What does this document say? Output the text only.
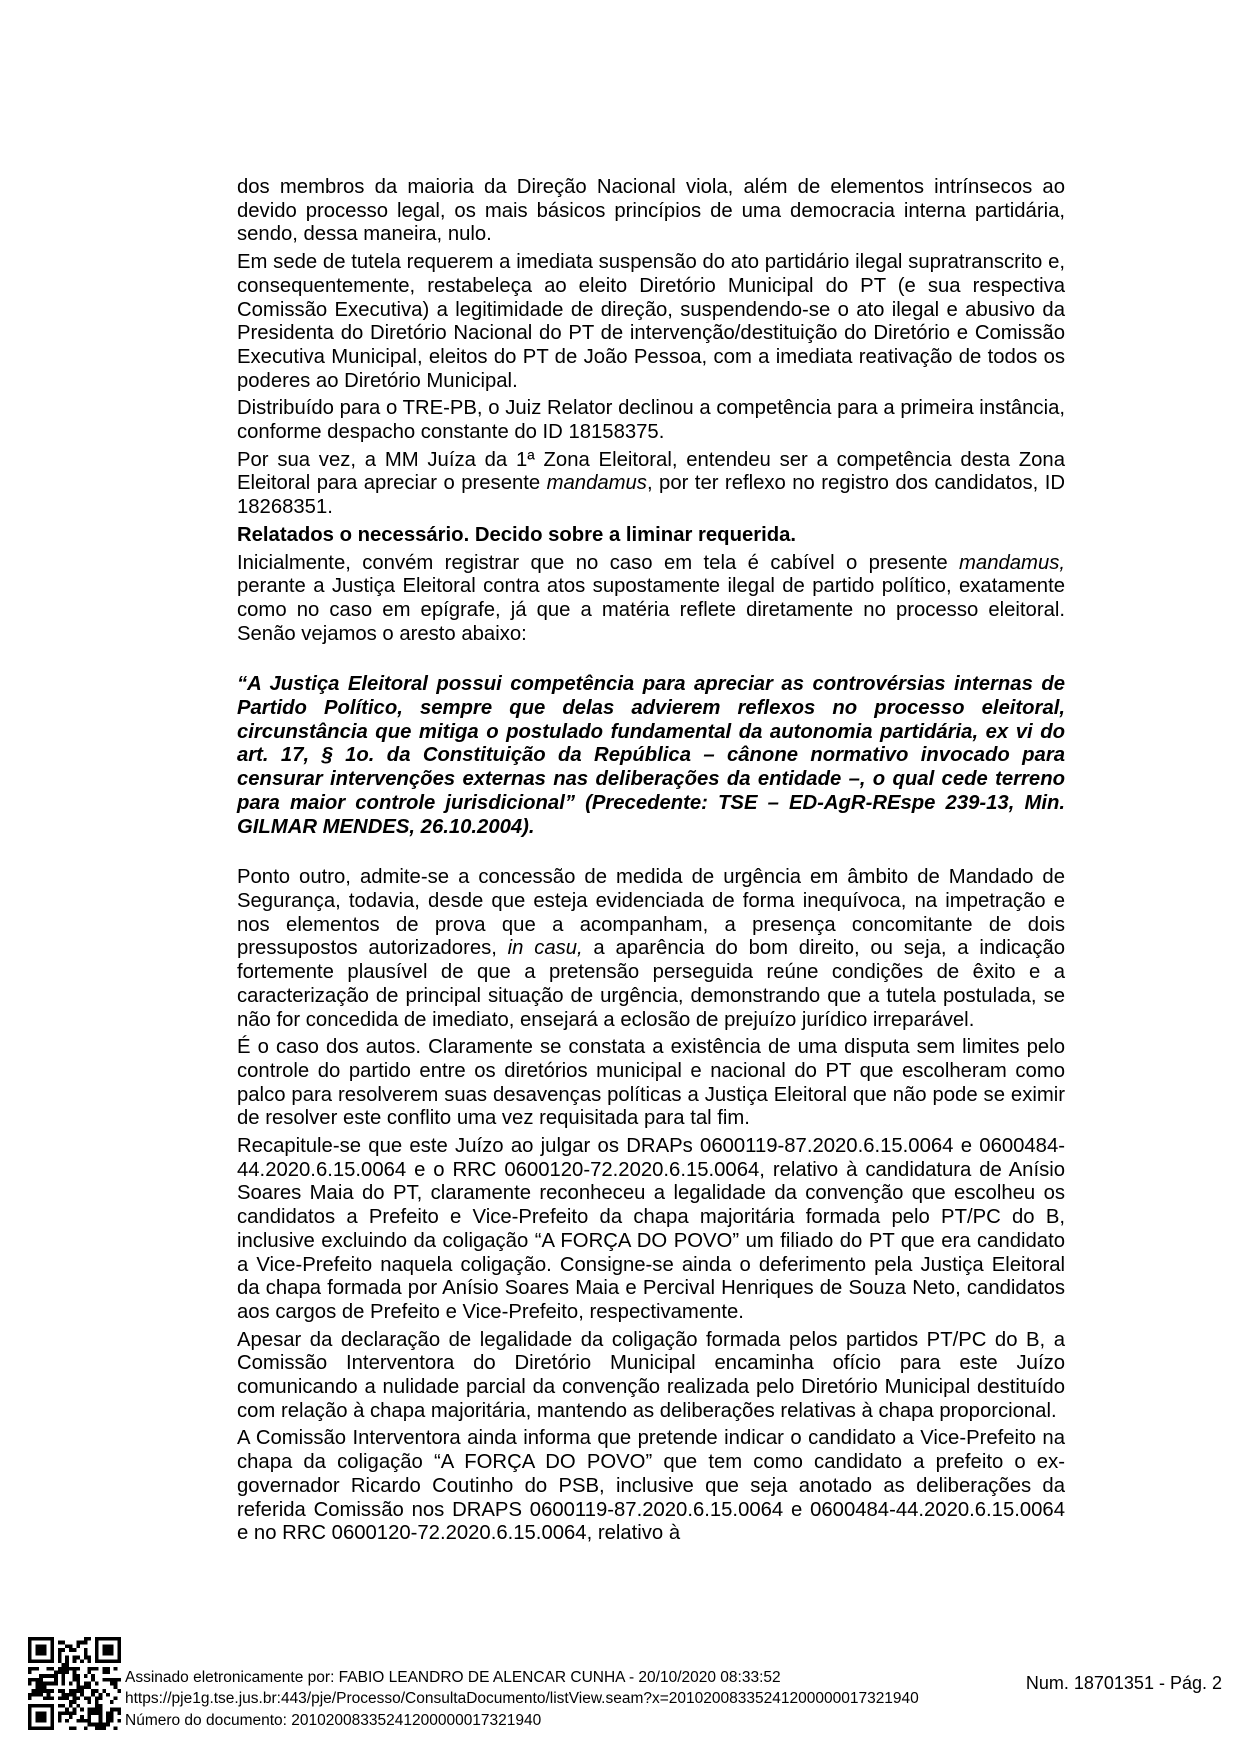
dos membros da maioria da Direção Nacional viola, além de elementos intrínsecos ao devido processo legal, os mais básicos princípios de uma democracia interna partidária, sendo, dessa maneira, nulo.

Em sede de tutela requerem a imediata suspensão do ato partidário ilegal supratranscrito e, consequentemente, restabeleça ao eleito Diretório Municipal do PT (e sua respectiva Comissão Executiva) a legitimidade de direção, suspendendo-se o ato ilegal e abusivo da Presidenta do Diretório Nacional do PT de intervenção/destituição do Diretório e Comissão Executiva Municipal, eleitos do PT de João Pessoa, com a imediata reativação de todos os poderes ao Diretório Municipal.

Distribuído para o TRE-PB, o Juiz Relator declinou a competência para a primeira instância, conforme despacho constante do ID 18158375.

Por sua vez, a MM Juíza da 1ª Zona Eleitoral, entendeu ser a competência desta Zona Eleitoral para apreciar o presente mandamus, por ter reflexo no registro dos candidatos, ID 18268351.

Relatados o necessário. Decido sobre a liminar requerida.

Inicialmente, convém registrar que no caso em tela é cabível o presente mandamus, perante a Justiça Eleitoral contra atos supostamente ilegal de partido político, exatamente como no caso em epígrafe, já que a matéria reflete diretamente no processo eleitoral. Senão vejamos o aresto abaixo:

“A Justiça Eleitoral possui competência para apreciar as controvérsias internas de Partido Político, sempre que delas advierem reflexos no processo eleitoral, circunstância que mitiga o postulado fundamental da autonomia partidária, ex vi do art. 17, § 1o. da Constituição da República – cânone normativo invocado para censurar intervenções externas nas deliberações da entidade –, o qual cede terreno para maior controle jurisdicional” (Precedente: TSE – ED-AgR-REspe 239-13, Min. GILMAR MENDES, 26.10.2004).

Ponto outro, admite-se a concessão de medida de urgência em âmbito de Mandado de Segurança, todavia, desde que esteja evidenciada de forma inequívoca, na impetração e nos elementos de prova que a acompanham, a presença concomitante de dois pressupostos autorizadores, in casu, a aparência do bom direito, ou seja, a indicação fortemente plausível de que a pretensão perseguida reúne condições de êxito e a caracterização de principal situação de urgência, demonstrando que a tutela postulada, se não for concedida de imediato, ensejará a eclosão de prejuízo jurídico irreparável.

É o caso dos autos. Claramente se constata a existência de uma disputa sem limites pelo controle do partido entre os diretórios municipal e nacional do PT que escolheram como palco para resolverem suas desavenças políticas a Justiça Eleitoral que não pode se eximir de resolver este conflito uma vez requisitada para tal fim.

Recapitule-se que este Juízo ao julgar os DRAPs 0600119-87.2020.6.15.0064 e 0600484-44.2020.6.15.0064 e o RRC 0600120-72.2020.6.15.0064, relativo à candidatura de Anísio Soares Maia do PT, claramente reconheceu a legalidade da convenção que escolheu os candidatos a Prefeito e Vice-Prefeito da chapa majoritária formada pelo PT/PC do B, inclusive excluindo da coligação “A FORÇA DO POVO” um filiado do PT que era candidato a Vice-Prefeito naquela coligação. Consigne-se ainda o deferimento pela Justiça Eleitoral da chapa formada por Anísio Soares Maia e Percival Henriques de Souza Neto, candidatos aos cargos de Prefeito e Vice-Prefeito, respectivamente.

Apesar da declaração de legalidade da coligação formada pelos partidos PT/PC do B, a Comissão Interventora do Diretório Municipal encaminha ofício para este Juízo comunicando a nulidade parcial da convenção realizada pelo Diretório Municipal destituído com relação à chapa majoritária, mantendo as deliberações relativas à chapa proporcional.

A Comissão Interventora ainda informa que pretende indicar o candidato a Vice-Prefeito na chapa da coligação “A FORÇA DO POVO” que tem como candidato a prefeito o ex-governador Ricardo Coutinho do PSB, inclusive que seja anotado as deliberações da referida Comissão nos DRAPS 0600119-87.2020.6.15.0064 e 0600484-44.2020.6.15.0064 e no RRC 0600120-72.2020.6.15.0064, relativo à

Assinado eletronicamente por: FABIO LEANDRO DE ALENCAR CUNHA - 20/10/2020 08:33:52
https://pje1g.tse.jus.br:443/pje/Processo/ConsultaDocumento/listView.seam?x=20102008335241200000017321940
Número do documento: 20102008335241200000017321940
Num. 18701351 - Pág. 2
